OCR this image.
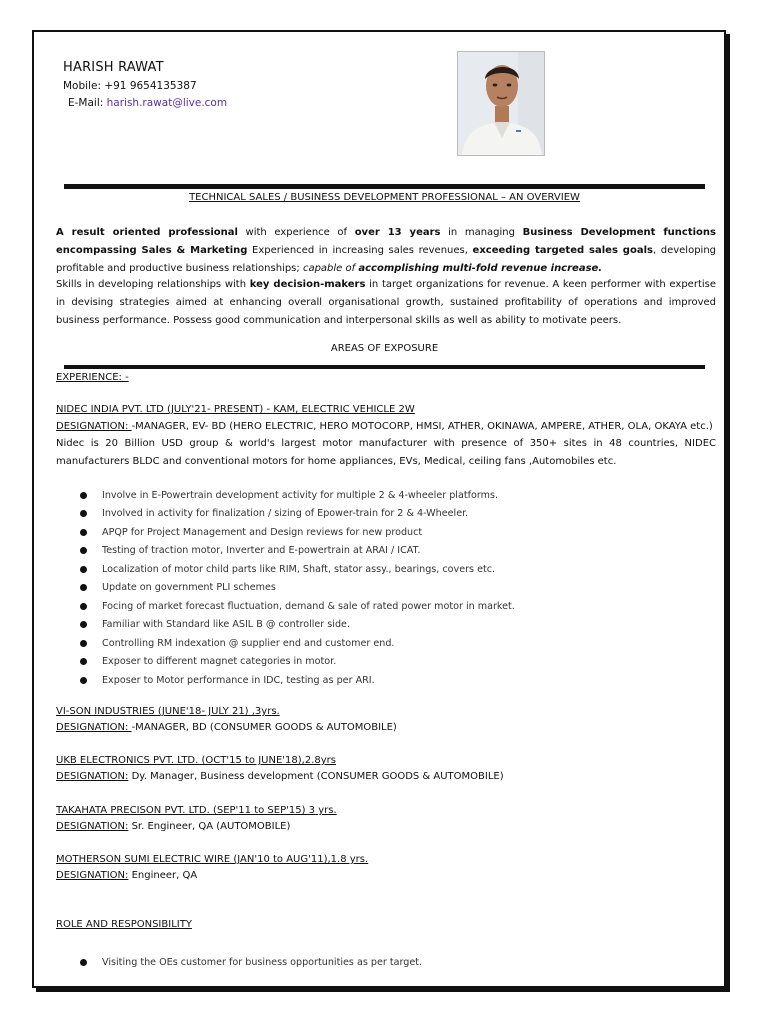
HARISH RAWAT
Mobile: +91 9654135387
E-Mail: harish.rawat@live.com
TECHNICAL SALES / BUSINESS DEVELOPMENT PROFESSIONAL – AN OVERVIEW

A result oriented professional with experience of over 13 years in managing Business Development functions encompassing Sales & Marketing Experienced in increasing sales revenues, exceeding targeted sales goals, developing profitable and productive business relationships; capable of accomplishing multi-fold revenue increase.

Skills in developing relationships with key decision-makers in target organizations for revenue. A keen performer with expertise in devising strategies aimed at enhancing overall organisational growth, sustained profitability of operations and improved business performance. Possess good communication and interpersonal skills as well as ability to motivate peers.

AREAS OF EXPOSURE
EXPERIENCE: -
NIDEC INDIA PVT. LTD (JULY'21- PRESENT) - KAM, ELECTRIC VEHICLE 2W
DESIGNATION: -MANAGER, EV- BD (HERO ELECTRIC, HERO MOTOCORP, HMSI, ATHER, OKINAWA, AMPERE, ATHER, OLA, OKAYA etc.)

Nidec is 20 Billion USD group & world's largest motor manufacturer with presence of 350+ sites in 48 countries, NIDEC manufacturers BLDC and conventional motors for home appliances, EVs, Medical, ceiling fans ,Automobiles etc.

Involve in E-Powertrain development activity for multiple 2 & 4-wheeler platforms.
Involved in activity for finalization / sizing of Epower-train for 2 & 4-Wheeler.
APQP for Project Management and Design reviews for new product
Testing of traction motor, Inverter and E-powertrain at ARAI / ICAT.
Localization of motor child parts like RIM, Shaft, stator assy., bearings, covers etc.
Update on government PLI schemes
Focing of market forecast fluctuation, demand & sale of rated power motor in market.
Familiar with Standard like ASIL B @ controller side.
Controlling RM indexation @ supplier end and customer end.
Exposer to different magnet categories in motor.
Exposer to Motor performance in IDC, testing as per ARI.
VI-SON INDUSTRIES (JUNE'18- JULY 21) ,3yrs.
DESIGNATION: -MANAGER, BD (CONSUMER GOODS & AUTOMOBILE)
UKB ELECTRONICS PVT. LTD. (OCT'15 to JUNE'18),2.8yrs
DESIGNATION: Dy. Manager, Business development (CONSUMER GOODS & AUTOMOBILE)
TAKAHATA PRECISON PVT. LTD. (SEP'11 to SEP'15) 3 yrs.
DESIGNATION: Sr. Engineer, QA (AUTOMOBILE)
MOTHERSON SUMI ELECTRIC WIRE (JAN'10 to AUG'11),1.8 yrs.
DESIGNATION: Engineer, QA
ROLE AND RESPONSIBILITY
Visiting the OEs customer for business opportunities as per target.
